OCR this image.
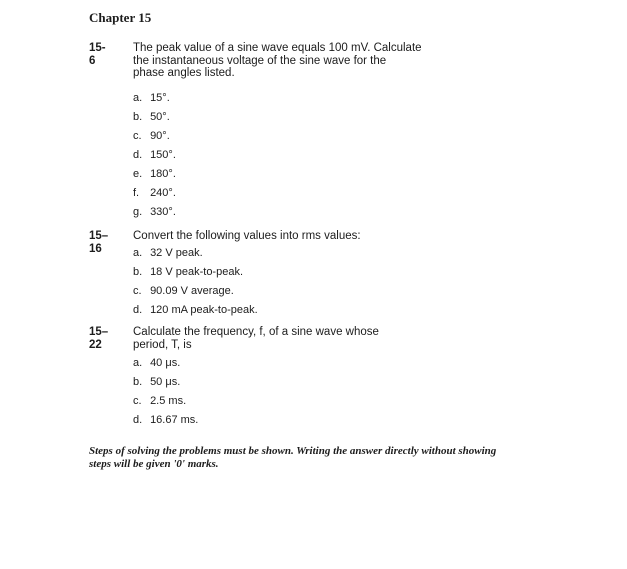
Chapter 15
15-6
The peak value of a sine wave equals 100 mV. Calculate
the instantaneous voltage of the sine wave for the
phase angles listed.
a. 15°.
b. 50°.
c. 90°.
d. 150°.
e. 180°.
f. 240°.
g. 330°.
15–16
Convert the following values into rms values:
a. 32 V peak.
b. 18 V peak-to-peak.
c. 90.09 V average.
d. 120 mA peak-to-peak.
15–22
Calculate the frequency, f, of a sine wave whose
period, T, is
a. 40 μs.
b. 50 μs.
c. 2.5 ms.
d. 16.67 ms.
Steps of solving the problems must be shown. Writing the answer directly without showing steps will be given '0' marks.
